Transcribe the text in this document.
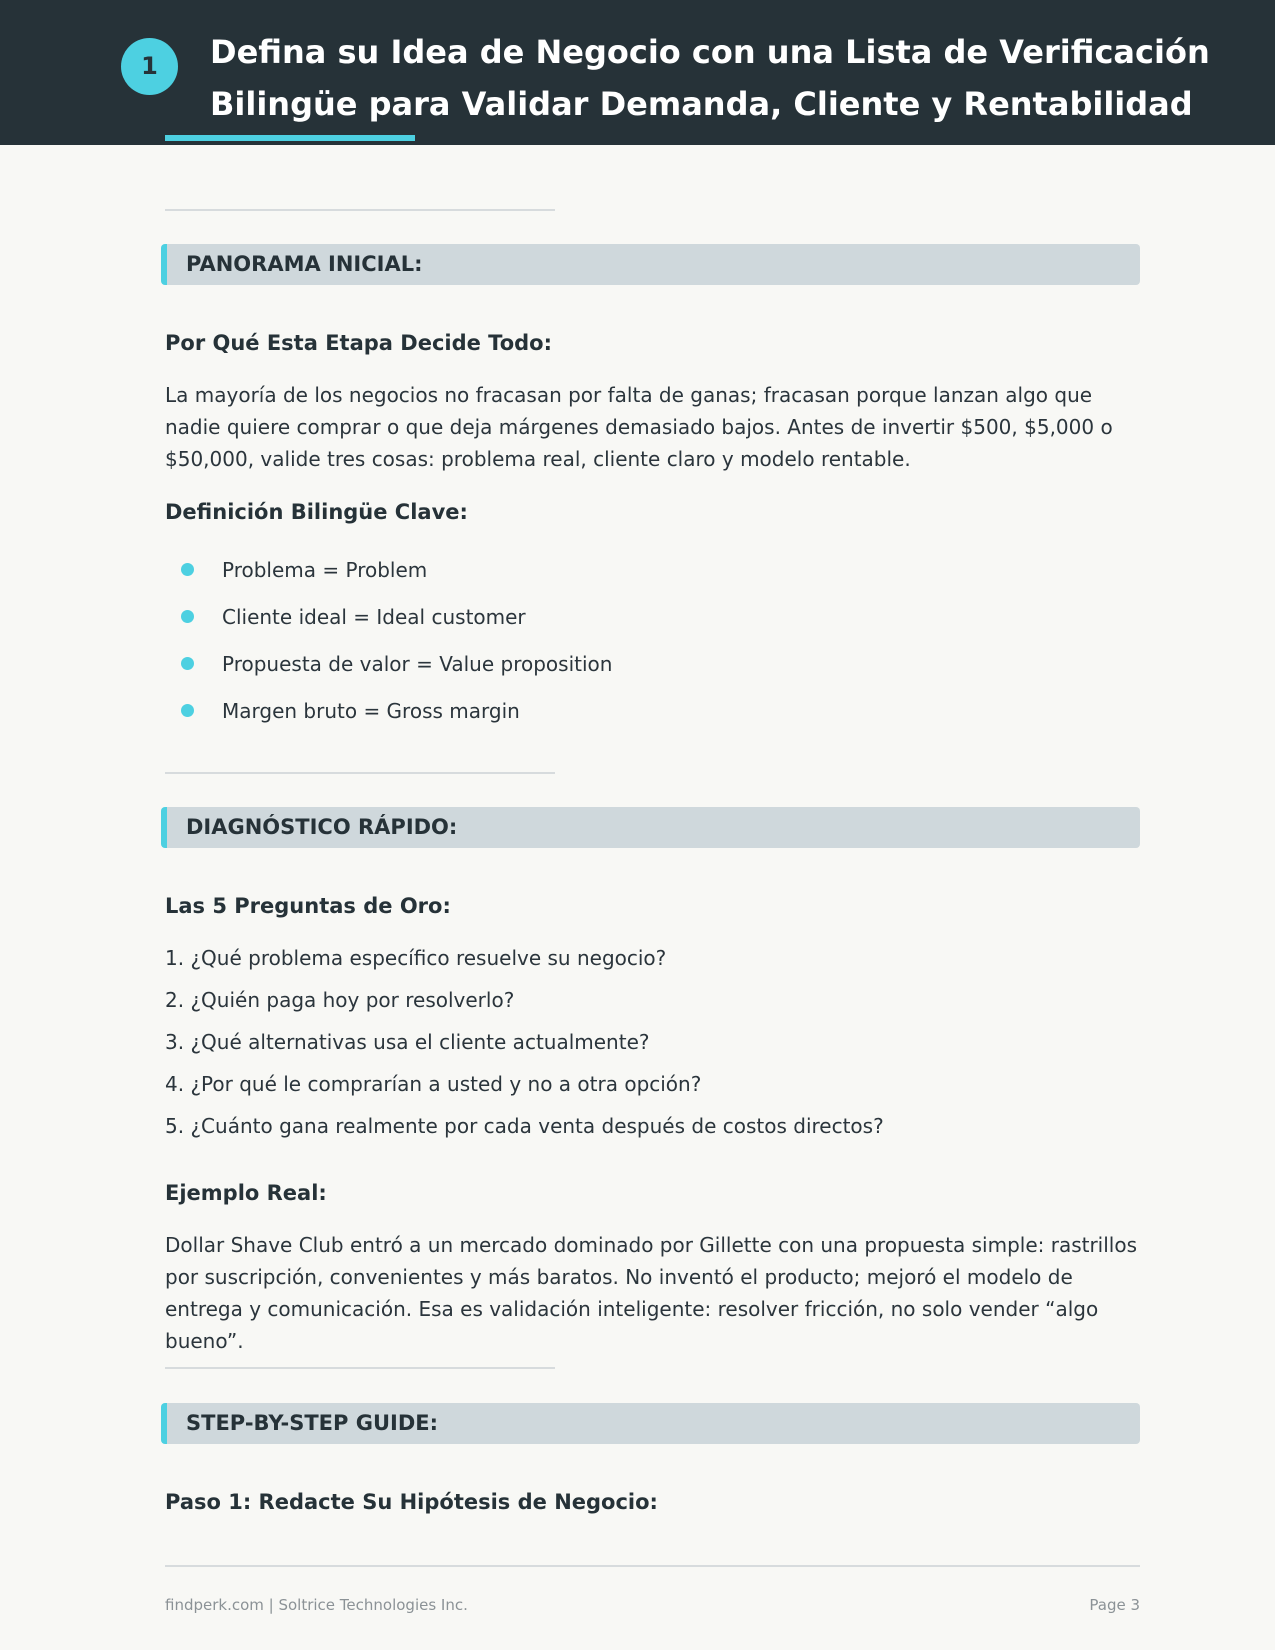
1	Defina su Idea de Negocio con una Lista de Verificación Bilingüe para Validar Demanda, Cliente y Rentabilidad
PANORAMA INICIAL:
Por Qué Esta Etapa Decide Todo:

La mayoría de los negocios no fracasan por falta de ganas; fracasan porque lanzan algo que nadie quiere comprar o que deja márgenes demasiado bajos. Antes de invertir $500, $5,000 o $50,000, valide tres cosas: problema real, cliente claro y modelo rentable.

Definición Bilingüe Clave:
Problema = Problem
Cliente ideal = Ideal customer
Propuesta de valor = Value proposition
Margen bruto = Gross margin
DIAGNÓSTICO RÁPIDO:
Las 5 Preguntas de Oro:
1. ¿Qué problema específico resuelve su negocio?
2. ¿Quién paga hoy por resolverlo?
3. ¿Qué alternativas usa el cliente actualmente?
4. ¿Por qué le comprarían a usted y no a otra opción?
5. ¿Cuánto gana realmente por cada venta después de costos directos?
Ejemplo Real:

Dollar Shave Club entró a un mercado dominado por Gillette con una propuesta simple: rastrillos por suscripción, convenientes y más baratos. No inventó el producto; mejoró el modelo de entrega y comunicación. Esa es validación inteligente: resolver fricción, no solo vender “algo bueno”.

STEP-BY-STEP GUIDE:
Paso 1: Redacte Su Hipótesis de Negocio:
findperk.com | Soltrice Technologies Inc.	Page 3
